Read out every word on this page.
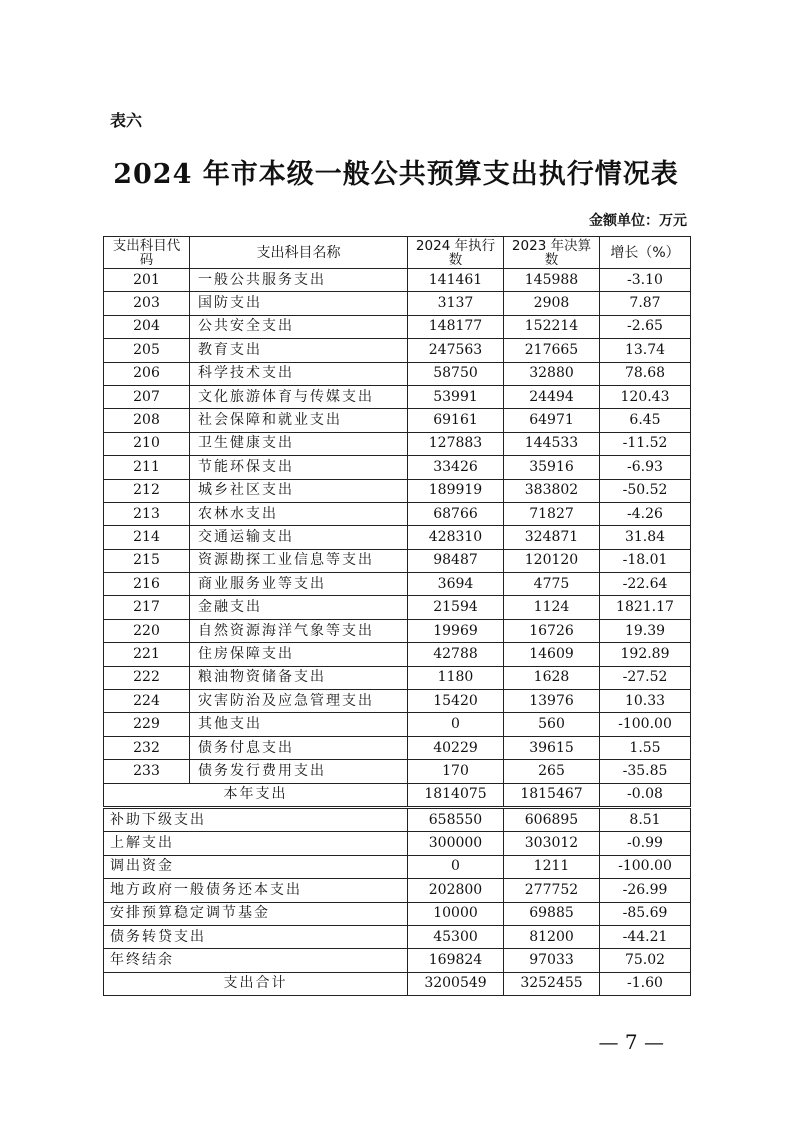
表六
2024 年市本级一般公共预算支出执行情况表
金额单位：万元
支出科目代码	支出科目名称	2024 年执行数	2023 年决算数	增长（%）
201	一般公共服务支出	141461	145988	-3.10
203	国防支出	3137	2908	7.87
204	公共安全支出	148177	152214	-2.65
205	教育支出	247563	217665	13.74
206	科学技术支出	58750	32880	78.68
207	文化旅游体育与传媒支出	53991	24494	120.43
208	社会保障和就业支出	69161	64971	6.45
210	卫生健康支出	127883	144533	-11.52
211	节能环保支出	33426	35916	-6.93
212	城乡社区支出	189919	383802	-50.52
213	农林水支出	68766	71827	-4.26
214	交通运输支出	428310	324871	31.84
215	资源勘探工业信息等支出	98487	120120	-18.01
216	商业服务业等支出	3694	4775	-22.64
217	金融支出	21594	1124	1821.17
220	自然资源海洋气象等支出	19969	16726	19.39
221	住房保障支出	42788	14609	192.89
222	粮油物资储备支出	1180	1628	-27.52
224	灾害防治及应急管理支出	15420	13976	10.33
229	其他支出	0	560	-100.00
232	债务付息支出	40229	39615	1.55
233	债务发行费用支出	170	265	-35.85
本年支出		1814075	1815467	-0.08
补助下级支出		658550	606895	8.51
上解支出		300000	303012	-0.99
调出资金		0	1211	-100.00
地方政府一般债务还本支出		202800	277752	-26.99
安排预算稳定调节基金		10000	69885	-85.69
债务转贷支出		45300	81200	-44.21
年终结余		169824	97033	75.02
支出合计		3200549	3252455	-1.60
— 7 —
